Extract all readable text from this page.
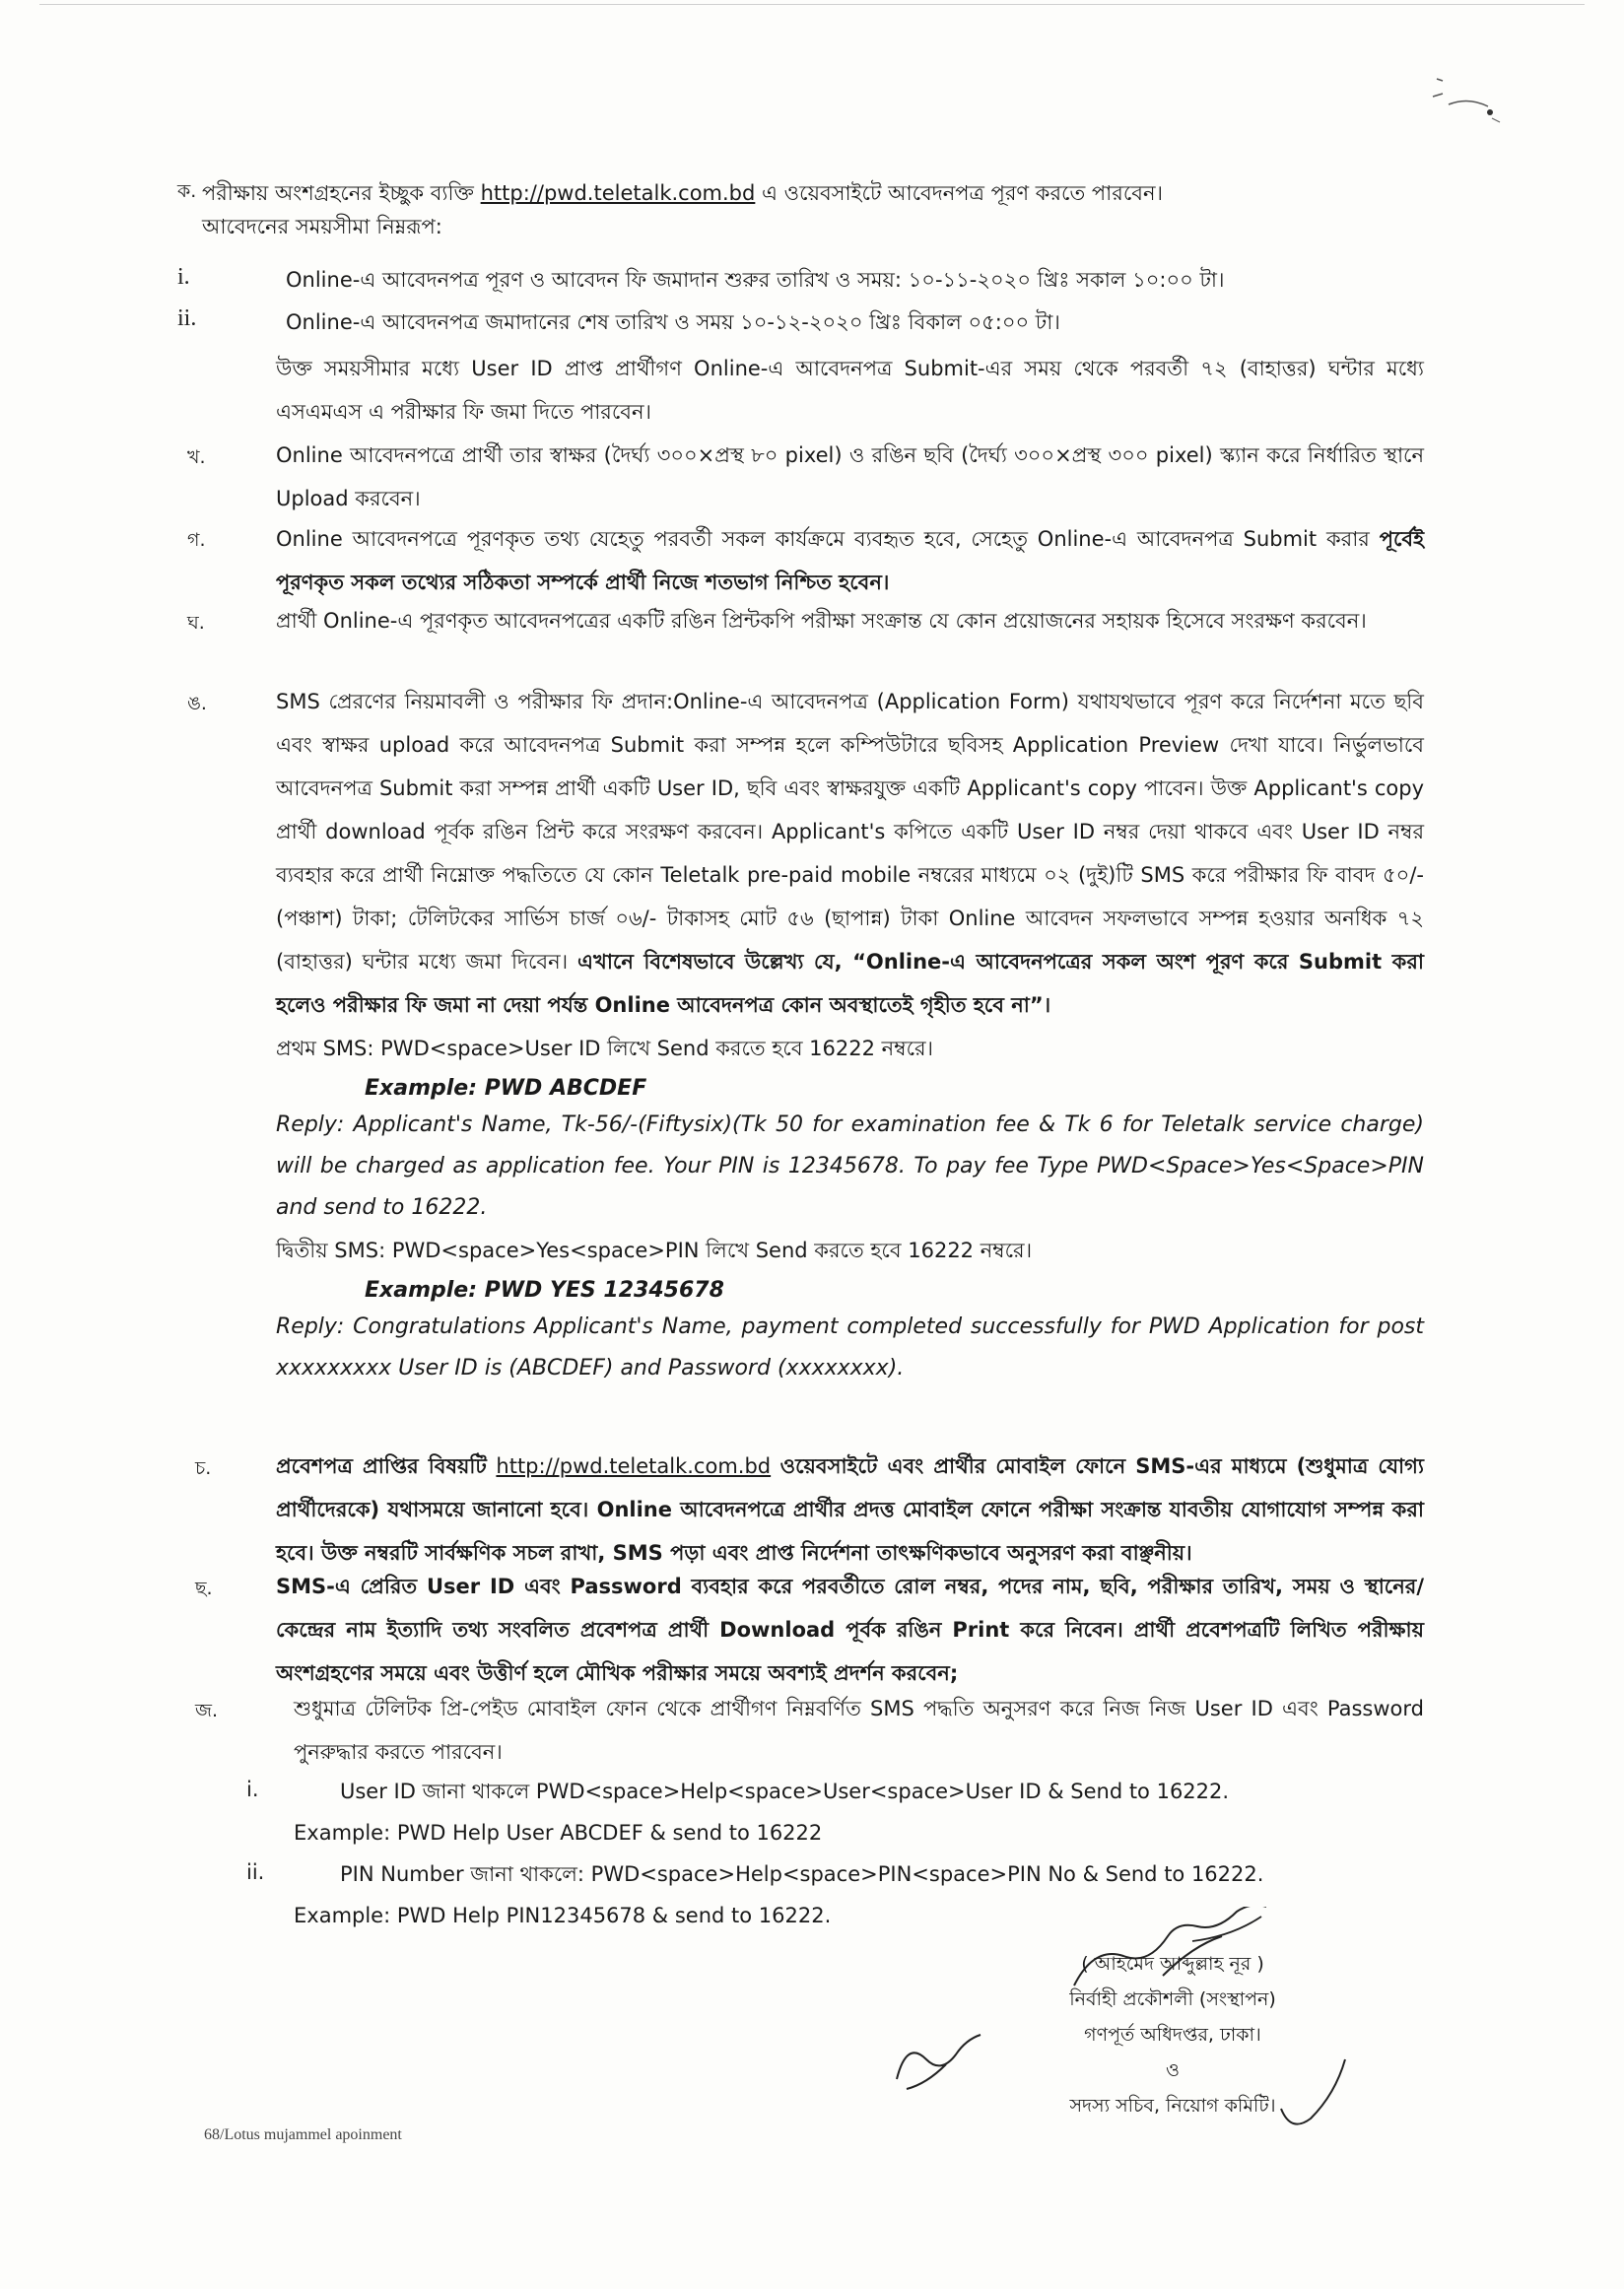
ক. পরীক্ষায় অংশগ্রহনের ইচ্ছুক ব্যক্তি http://pwd.teletalk.com.bd এ ওয়েবসাইটে আবেদনপত্র পূরণ করতে পারবেন।

আবেদনের সময়সীমা নিম্নরূপ:

i.	Online-এ আবেদনপত্র পূরণ ও আবেদন ফি জমাদান শুরুর তারিখ ও সময়: ১০-১১-২০২০ খ্রিঃ সকাল ১০:০০ টা।

ii.	Online-এ আবেদনপত্র জমাদানের শেষ তারিখ ও সময় ১০-১২-২০২০ খ্রিঃ বিকাল ০৫:০০ টা।

উক্ত সময়সীমার মধ্যে User ID প্রাপ্ত প্রার্থীগণ Online-এ আবেদনপত্র Submit-এর সময় থেকে পরবর্তী ৭২ (বাহাত্তর) ঘন্টার মধ্যে এসএমএস এ পরীক্ষার ফি জমা দিতে পারবেন।

খ.	Online আবেদনপত্রে প্রার্থী তার স্বাক্ষর (দৈর্ঘ্য ৩০০×প্রস্থ ৮০ pixel) ও রঙিন ছবি (দৈর্ঘ্য ৩০০×প্রস্থ ৩০০ pixel) স্ক্যান করে নির্ধারিত স্থানে Upload করবেন।

গ.	Online আবেদনপত্রে পূরণকৃত তথ্য যেহেতু পরবর্তী সকল কার্যক্রমে ব্যবহৃত হবে, সেহেতু Online-এ আবেদনপত্র Submit করার পূর্বেই পূরণকৃত সকল তথ্যের সঠিকতা সম্পর্কে প্রার্থী নিজে শতভাগ নিশ্চিত হবেন।

ঘ.	প্রার্থী Online-এ পূরণকৃত আবেদনপত্রের একটি রঙিন প্রিন্টকপি পরীক্ষা সংক্রান্ত যে কোন প্রয়োজনের সহায়ক হিসেবে সংরক্ষণ করবেন।

ঙ.	SMS প্রেরণের নিয়মাবলী ও পরীক্ষার ফি প্রদান:Online-এ আবেদনপত্র (Application Form) যথাযথভাবে পূরণ করে নির্দেশনা মতে ছবি এবং স্বাক্ষর upload করে আবেদনপত্র Submit করা সম্পন্ন হলে কম্পিউটারে ছবিসহ Application Preview দেখা যাবে। নির্ভুলভাবে আবেদনপত্র Submit করা সম্পন্ন প্রার্থী একটি User ID, ছবি এবং স্বাক্ষরযুক্ত একটি Applicant's copy পাবেন। উক্ত Applicant's copy প্রার্থী download পূর্বক রঙিন প্রিন্ট করে সংরক্ষণ করবেন। Applicant's কপিতে একটি User ID নম্বর দেয়া থাকবে এবং User ID নম্বর ব্যবহার করে প্রার্থী নিম্নোক্ত পদ্ধতিতে যে কোন Teletalk pre-paid mobile নম্বরের মাধ্যমে ০২ (দুই)টি SMS করে পরীক্ষার ফি বাবদ ৫০/- (পঞ্চাশ) টাকা; টেলিটকের সার্ভিস চার্জ ০৬/- টাকাসহ মোট ৫৬ (ছাপান্ন) টাকা Online আবেদন সফলভাবে সম্পন্ন হওয়ার অনধিক ৭২ (বাহাত্তর) ঘন্টার মধ্যে জমা দিবেন। এখানে বিশেষভাবে উল্লেখ্য যে, “Online-এ আবেদনপত্রের সকল অংশ পূরণ করে Submit করা হলেও পরীক্ষার ফি জমা না দেয়া পর্যন্ত Online আবেদনপত্র কোন অবস্থাতেই গৃহীত হবে না”।

প্রথম SMS: PWD<space>User ID লিখে Send করতে হবে 16222 নম্বরে।

Example: PWD ABCDEF

Reply: Applicant's Name, Tk-56/-(Fiftysix)(Tk 50 for examination fee & Tk 6 for Teletalk service charge) will be charged as application fee. Your PIN is 12345678. To pay fee Type PWD<Space>Yes<Space>PIN and send to 16222.

দ্বিতীয় SMS: PWD<space>Yes<space>PIN লিখে Send করতে হবে 16222 নম্বরে।

Example: PWD YES 12345678

Reply: Congratulations Applicant's Name, payment completed successfully for PWD Application for post xxxxxxxxx User ID is (ABCDEF) and Password (xxxxxxxx).

চ.	প্রবেশপত্র প্রাপ্তির বিষয়টি http://pwd.teletalk.com.bd ওয়েবসাইটে এবং প্রার্থীর মোবাইল ফোনে SMS-এর মাধ্যমে (শুধুমাত্র যোগ্য প্রার্থীদেরকে) যথাসময়ে জানানো হবে। Online আবেদনপত্রে প্রার্থীর প্রদত্ত মোবাইল ফোনে পরীক্ষা সংক্রান্ত যাবতীয় যোগাযোগ সম্পন্ন করা হবে। উক্ত নম্বরটি সার্বক্ষণিক সচল রাখা, SMS পড়া এবং প্রাপ্ত নির্দেশনা তাৎক্ষণিকভাবে অনুসরণ করা বাঞ্ছনীয়।

ছ.	SMS-এ প্রেরিত User ID এবং Password ব্যবহার করে পরবর্তীতে রোল নম্বর, পদের নাম, ছবি, পরীক্ষার তারিখ, সময় ও স্থানের/কেন্দ্রের নাম ইত্যাদি তথ্য সংবলিত প্রবেশপত্র প্রার্থী Download পূর্বক রঙিন Print করে নিবেন। প্রার্থী প্রবেশপত্রটি লিখিত পরীক্ষায় অংশগ্রহণের সময়ে এবং উত্তীর্ণ হলে মৌখিক পরীক্ষার সময়ে অবশ্যই প্রদর্শন করবেন;

জ.	শুধুমাত্র টেলিটক প্রি-পেইড মোবাইল ফোন থেকে প্রার্থীগণ নিম্নবর্ণিত SMS পদ্ধতি অনুসরণ করে নিজ নিজ User ID এবং Password পুনরুদ্ধার করতে পারবেন।

i.	User ID জানা থাকলে PWD<space>Help<space>User<space>User ID & Send to 16222.

Example: PWD Help User ABCDEF & send to 16222

ii.	PIN Number জানা থাকলে: PWD<space>Help<space>PIN<space>PIN No & Send to 16222.

Example: PWD Help PIN12345678 & send to 16222.

( আহমেদ আব্দুল্লাহ নূর )
নির্বাহী প্রকৌশলী (সংস্থাপন)
গণপূর্ত অধিদপ্তর, ঢাকা।
ও
সদস্য সচিব, নিয়োগ কমিটি।
68/Lotus mujammel apoinment
